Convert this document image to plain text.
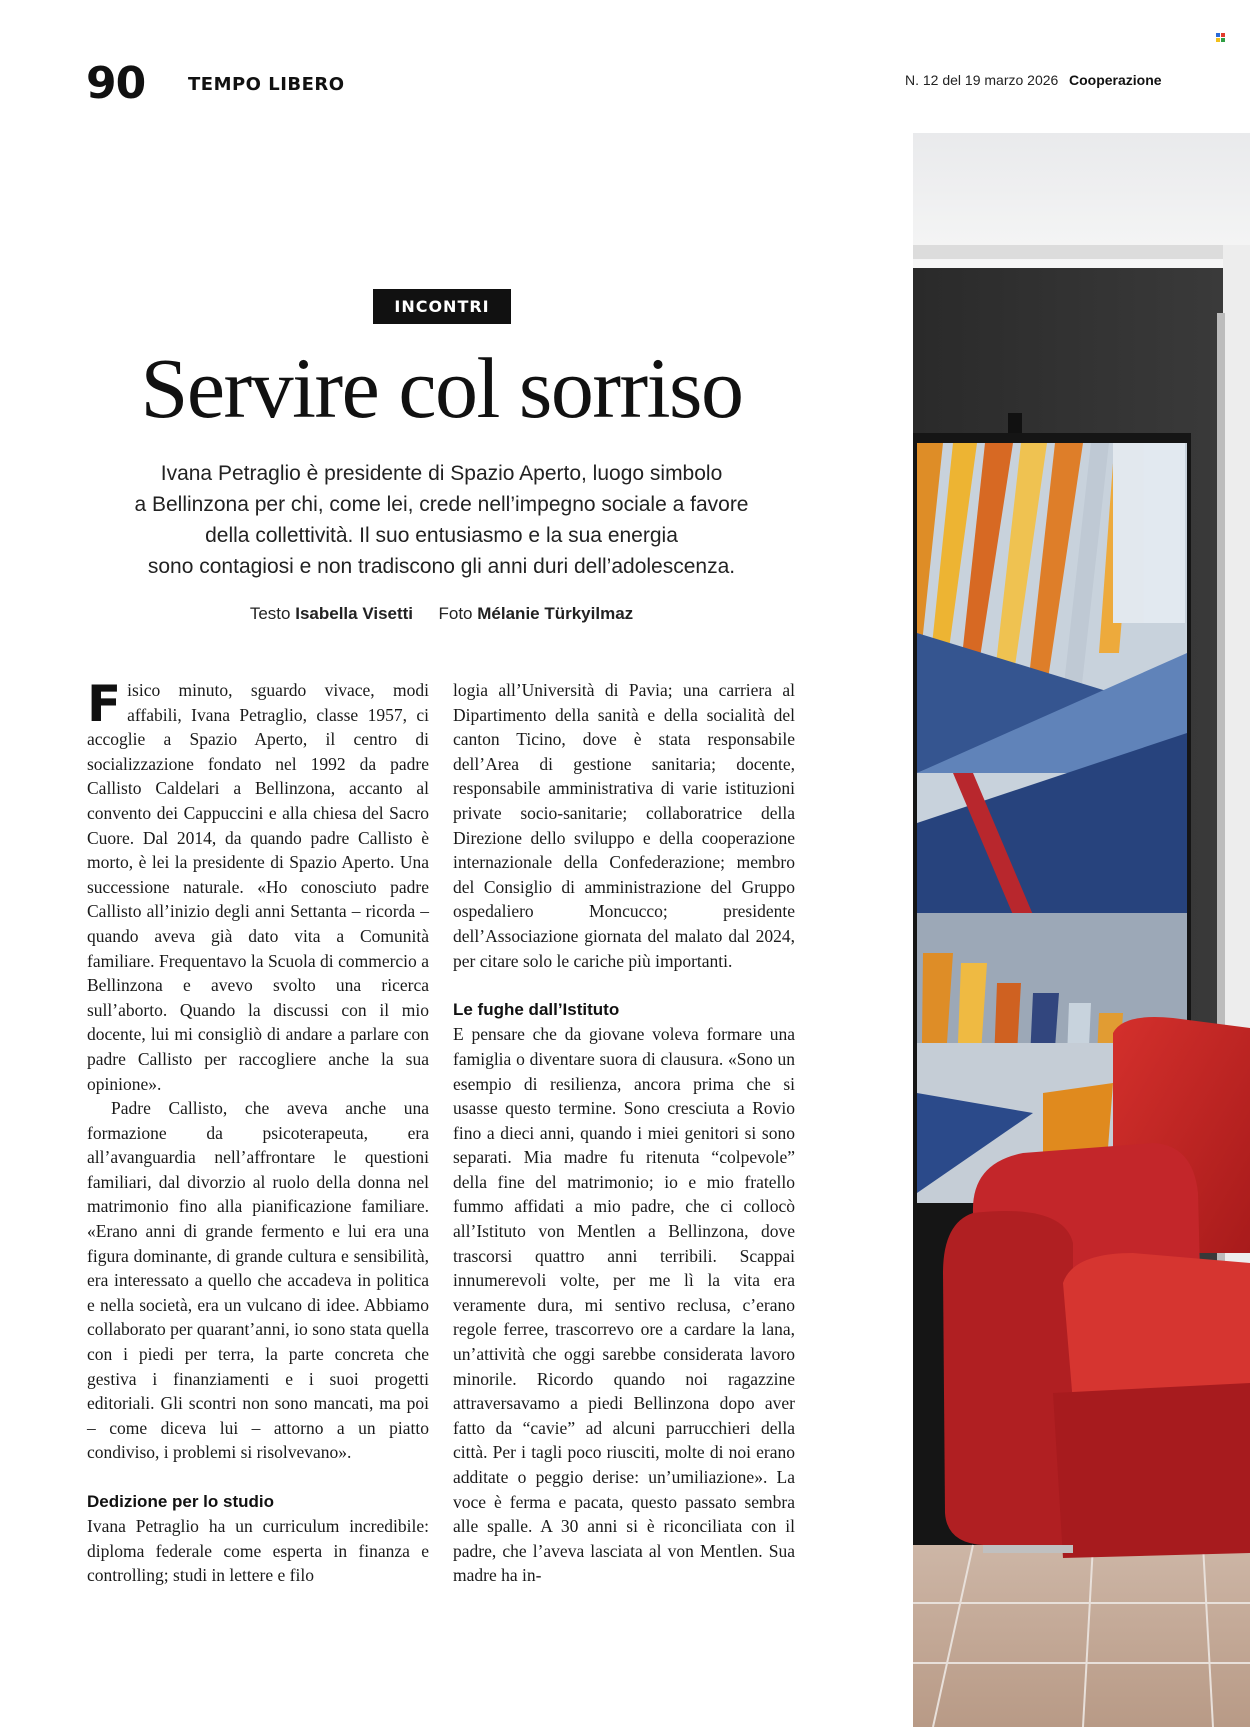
90 TEMPO LIBERO	N. 12 del 19 marzo 2026 Cooperazione
INCONTRI
Servire col sorriso

Ivana Petraglio è presidente di Spazio Aperto, luogo simbolo
a Bellinzona per chi, come lei, crede nell’impegno sociale a favore
della collettività. Il suo entusiasmo e la sua energia
sono contagiosi e non tradiscono gli anni duri dell’adolescenza.

Testo Isabella Visetti Foto Mélanie Türkyilmaz

Fisico minuto, sguardo vivace, modi affabili, Ivana Petraglio, classe 1957, ci accoglie a Spazio Aperto, il centro di socializzazione fondato nel 1992 da padre Callisto Caldelari a Bellinzona, accanto al convento dei Cappuccini e alla chiesa del Sacro Cuore. Dal 2014, da quando padre Callisto è morto, è lei la presidente di Spazio Aperto. Una successione naturale. «Ho conosciuto padre Callisto all’inizio degli anni Settanta – ricorda – quando aveva già dato vita a Comunità familiare. Frequentavo la Scuola di commercio a Bellinzona e avevo svolto una ricerca sull’aborto. Quando la discussi con il mio docente, lui mi consigliò di andare a parlare con padre Callisto per raccogliere anche la sua opinione».

Padre Callisto, che aveva anche una formazione da psicoterapeuta, era all’avanguardia nell’affrontare le questioni familiari, dal divorzio al ruolo della donna nel matrimonio fino alla pianificazione familiare. «Erano anni di grande fermento e lui era una figura dominante, di grande cultura e sensibilità, era interessato a quello che accadeva in politica e nella società, era un vulcano di idee. Abbiamo collaborato per quarant’anni, io sono stata quella con i piedi per terra, la parte concreta che gestiva i finanziamenti e i suoi progetti editoriali. Gli scontri non sono mancati, ma poi – come diceva lui – attorno a un piatto condiviso, i problemi si risolvevano».

Dedizione per lo studio

Ivana Petraglio ha un curriculum incredibile: diploma federale come esperta in finanza e controlling; studi in lettere e filo

logia all’Università di Pavia; una carriera al Dipartimento della sanità e della socialità del canton Ticino, dove è stata responsabile dell’Area di gestione sanitaria; docente, responsabile amministrativa di varie istituzioni private socio-sanitarie; collaboratrice della Direzione dello sviluppo e della cooperazione internazionale della Confederazione; membro del Consiglio di amministrazione del Gruppo ospedaliero Moncucco; presidente dell’Associazione giornata del malato dal 2024, per citare solo le cariche più importanti.

Le fughe dall’Istituto

E pensare che da giovane voleva formare una famiglia o diventare suora di clausura. «Sono un esempio di resilienza, ancora prima che si usasse questo termine. Sono cresciuta a Rovio fino a dieci anni, quando i miei genitori si sono separati. Mia madre fu ritenuta “colpevole” della fine del matrimonio; io e mio fratello fummo affidati a mio padre, che ci collocò all’Istituto von Mentlen a Bellinzona, dove trascorsi quattro anni terribili. Scappai innumerevoli volte, per me lì la vita era veramente dura, mi sentivo reclusa, c’erano regole ferree, trascorrevo ore a cardare la lana, un’attività che oggi sarebbe considerata lavoro minorile. Ricordo quando noi ragazzine attraversavamo a piedi Bellinzona dopo aver fatto da “cavie” ad alcuni parrucchieri della città. Per i tagli poco riusciti, molte di noi erano additate o peggio derise: un’umiliazione». La voce è ferma e pacata, questo passato sembra alle spalle. A 30 anni si è riconciliata con il padre, che l’aveva lasciata al von Mentlen. Sua madre ha in-
